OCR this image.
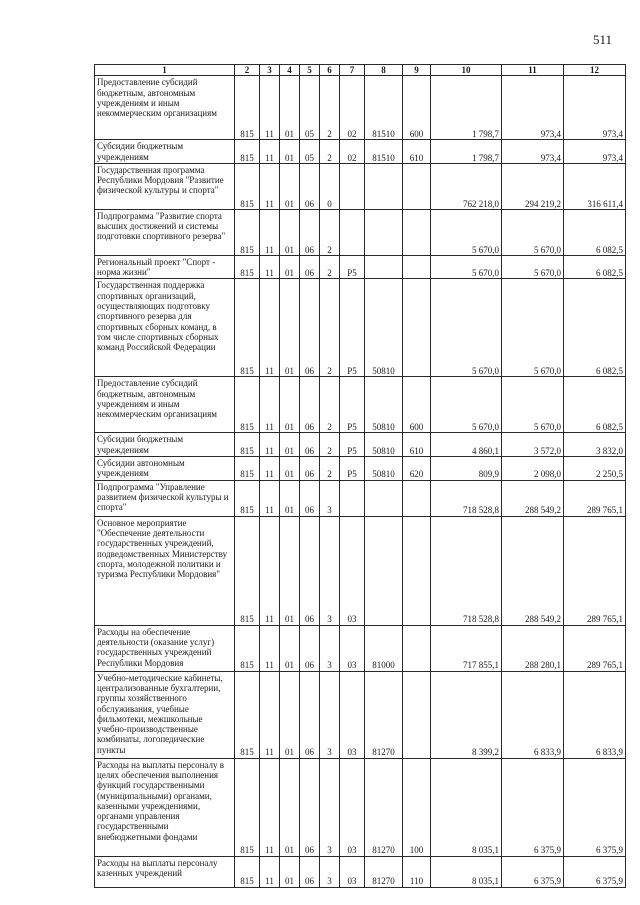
511
1	2	3	4	5	6	7	8	9	10	11	12
Предоставление субсидий бюджетным, автономным учреждениям и иным некоммерческим организациям	815	11	01	05	2	02	81510	600	1 798,7	973,4	973,4
Субсидии бюджетным учреждениям	815	11	01	05	2	02	81510	610	1 798,7	973,4	973,4
Государственная программа Республики Мордовия "Развитие физической культуры и спорта"	815	11	01	06	0				762 218,0	294 219,2	316 611,4
Подпрограмма "Развитие спорта высших достижений и системы подготовки спортивного резерва"	815	11	01	06	2				5 670,0	5 670,0	6 082,5
Региональный проект "Спорт - норма жизни"	815	11	01	06	2	P5			5 670,0	5 670,0	6 082,5
Государственная поддержка спортивных организаций, осуществляющих подготовку спортивного резерва для спортивных сборных команд, в том числе спортивных сборных команд Российской Федерации	815	11	01	06	2	P5	50810		5 670,0	5 670,0	6 082,5
Предоставление субсидий бюджетным, автономным учреждениям и иным некоммерческим организациям	815	11	01	06	2	P5	50810	600	5 670,0	5 670,0	6 082,5
Субсидии бюджетным учреждениям	815	11	01	06	2	P5	50810	610	4 860,1	3 572,0	3 832,0
Субсидии автономным учреждениям	815	11	01	06	2	P5	50810	620	809,9	2 098,0	2 250,5
Подпрограмма "Управление развитием физической культуры и спорта"	815	11	01	06	3				718 528,8	288 549,2	289 765,1
Основное мероприятие "Обеспечение деятельности государственных учреждений, подведомственных Министерству спорта, молодежной политики и туризма Республики Мордовия"	815	11	01	06	3	03			718 528,8	288 549,2	289 765,1
Расходы на обеспечение деятельности (оказание услуг) государственных учреждений Республики Мордовия	815	11	01	06	3	03	81000		717 855,1	288 280,1	289 765,1
Учебно-методические кабинеты, централизованные бухгалтерии, группы хозяйственного обслуживания, учебные фильмотеки, межшкольные учебно-производственные комбинаты, логопедические пункты	815	11	01	06	3	03	81270		8 399,2	6 833,9	6 833,9
Расходы на выплаты персоналу в целях обеспечения выполнения функций государственными (муниципальными) органами, казенными учреждениями, органами управления государственными внебюджетными фондами	815	11	01	06	3	03	81270	100	8 035,1	6 375,9	6 375,9
Расходы на выплаты персоналу казенных учреждений	815	11	01	06	3	03	81270	110	8 035,1	6 375,9	6 375,9
